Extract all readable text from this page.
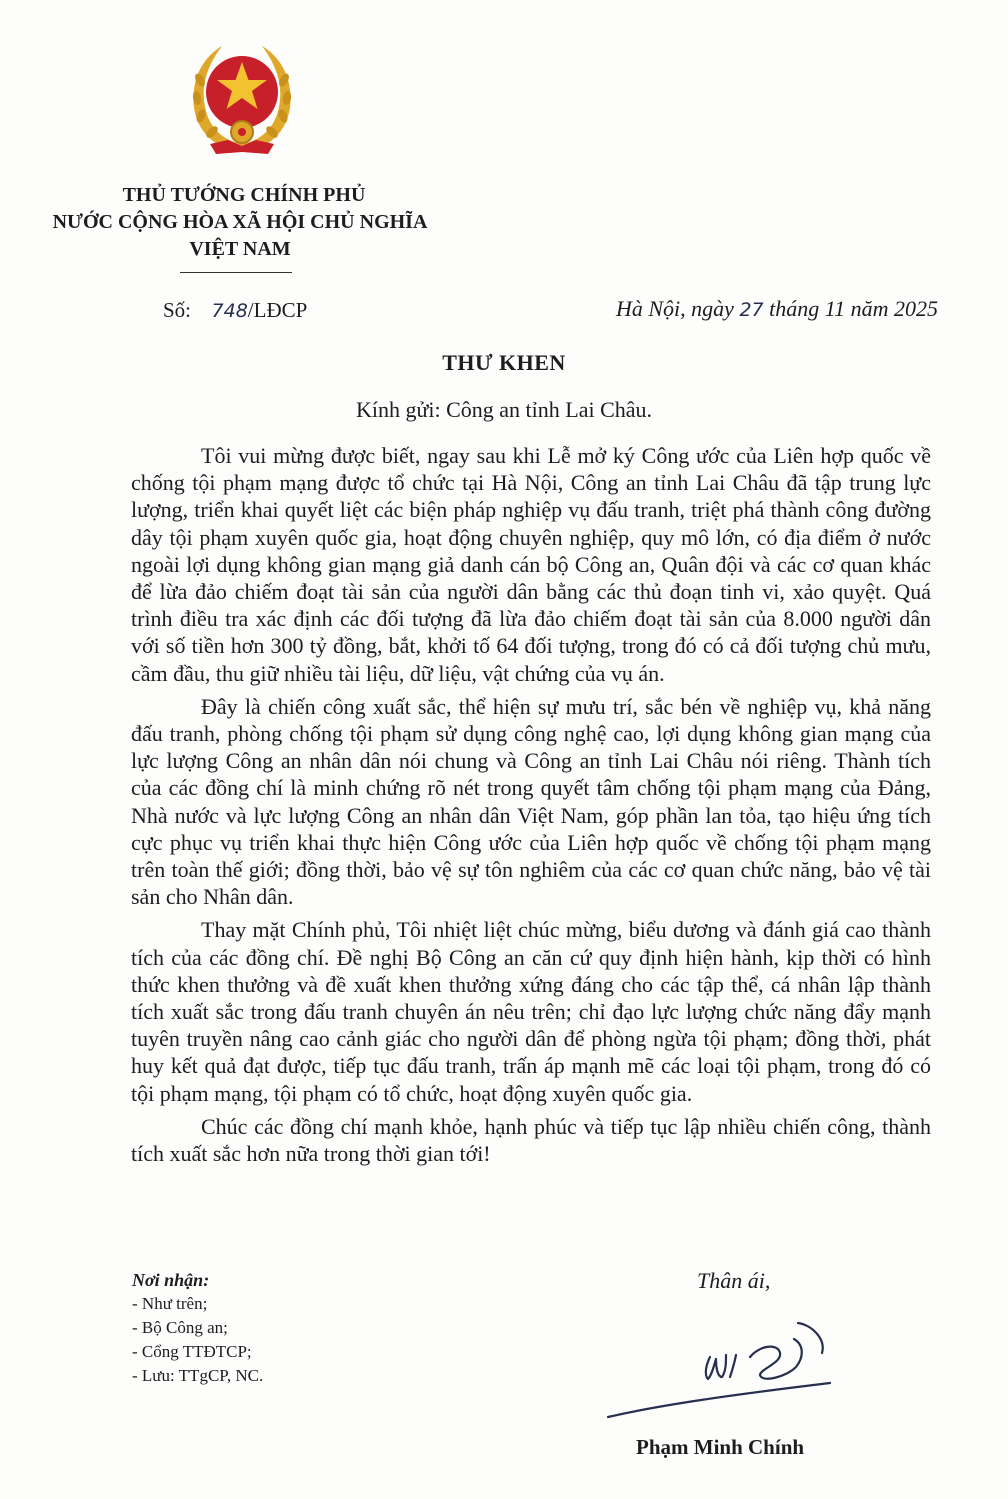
THỦ TƯỚNG CHÍNH PHỦ
NƯỚC CỘNG HÒA XÃ HỘI CHỦ NGHĨA
VIỆT NAM
Số: 748/LĐCP	Hà Nội, ngày 27 tháng 11 năm 2025
THƯ KHEN
Kính gửi: Công an tỉnh Lai Châu.

Tôi vui mừng được biết, ngay sau khi Lễ mở ký Công ước của Liên hợp quốc về chống tội phạm mạng được tổ chức tại Hà Nội, Công an tỉnh Lai Châu đã tập trung lực lượng, triển khai quyết liệt các biện pháp nghiệp vụ đấu tranh, triệt phá thành công đường dây tội phạm xuyên quốc gia, hoạt động chuyên nghiệp, quy mô lớn, có địa điểm ở nước ngoài lợi dụng không gian mạng giả danh cán bộ Công an, Quân đội và các cơ quan khác để lừa đảo chiếm đoạt tài sản của người dân bằng các thủ đoạn tinh vi, xảo quyệt. Quá trình điều tra xác định các đối tượng đã lừa đảo chiếm đoạt tài sản của 8.000 người dân với số tiền hơn 300 tỷ đồng, bắt, khởi tố 64 đối tượng, trong đó có cả đối tượng chủ mưu, cầm đầu, thu giữ nhiều tài liệu, dữ liệu, vật chứng của vụ án.

Đây là chiến công xuất sắc, thể hiện sự mưu trí, sắc bén về nghiệp vụ, khả năng đấu tranh, phòng chống tội phạm sử dụng công nghệ cao, lợi dụng không gian mạng của lực lượng Công an nhân dân nói chung và Công an tỉnh Lai Châu nói riêng. Thành tích của các đồng chí là minh chứng rõ nét trong quyết tâm chống tội phạm mạng của Đảng, Nhà nước và lực lượng Công an nhân dân Việt Nam, góp phần lan tỏa, tạo hiệu ứng tích cực phục vụ triển khai thực hiện Công ước của Liên hợp quốc về chống tội phạm mạng trên toàn thế giới; đồng thời, bảo vệ sự tôn nghiêm của các cơ quan chức năng, bảo vệ tài sản cho Nhân dân.

Thay mặt Chính phủ, Tôi nhiệt liệt chúc mừng, biểu dương và đánh giá cao thành tích của các đồng chí. Đề nghị Bộ Công an căn cứ quy định hiện hành, kịp thời có hình thức khen thưởng và đề xuất khen thưởng xứng đáng cho các tập thể, cá nhân lập thành tích xuất sắc trong đấu tranh chuyên án nêu trên; chỉ đạo lực lượng chức năng đẩy mạnh tuyên truyền nâng cao cảnh giác cho người dân để phòng ngừa tội phạm; đồng thời, phát huy kết quả đạt được, tiếp tục đấu tranh, trấn áp mạnh mẽ các loại tội phạm, trong đó có tội phạm mạng, tội phạm có tổ chức, hoạt động xuyên quốc gia.

Chúc các đồng chí mạnh khỏe, hạnh phúc và tiếp tục lập nhiều chiến công, thành tích xuất sắc hơn nữa trong thời gian tới!

Nơi nhận:
- Như trên;
- Bộ Công an;
- Cổng TTĐTCP;
- Lưu: TTgCP, NC.
Thân ái,
Phạm Minh Chính
